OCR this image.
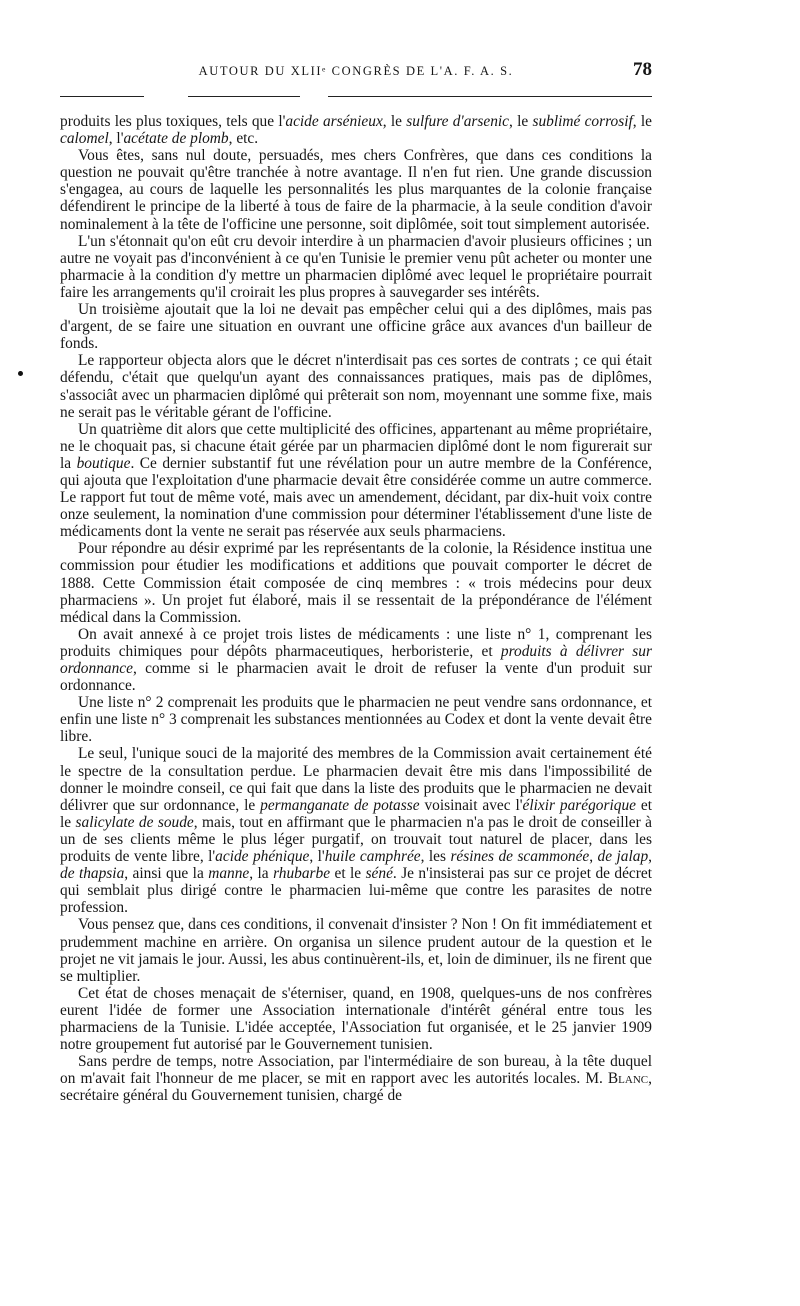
AUTOUR DU XLIIᵉ CONGRÈS DE L'A. F. A. S.	78

produits les plus toxiques, tels que l'acide arsénieux, le sulfure d'arsenic, le sublimé corrosif, le calomel, l'acétate de plomb, etc.

Vous êtes, sans nul doute, persuadés, mes chers Confrères, que dans ces conditions la question ne pouvait qu'être tranchée à notre avantage. Il n'en fut rien. Une grande discussion s'engagea, au cours de laquelle les personnalités les plus marquantes de la colonie française défendirent le principe de la liberté à tous de faire de la pharmacie, à la seule condition d'avoir nominalement à la tête de l'officine une personne, soit diplômée, soit tout simplement autorisée.

L'un s'étonnait qu'on eût cru devoir interdire à un pharmacien d'avoir plusieurs officines ; un autre ne voyait pas d'inconvénient à ce qu'en Tunisie le premier venu pût acheter ou monter une pharmacie à la condition d'y mettre un pharmacien diplômé avec lequel le propriétaire pourrait faire les arrangements qu'il croirait les plus propres à sauvegarder ses intérêts.

Un troisième ajoutait que la loi ne devait pas empêcher celui qui a des diplômes, mais pas d'argent, de se faire une situation en ouvrant une officine grâce aux avances d'un bailleur de fonds.

Le rapporteur objecta alors que le décret n'interdisait pas ces sortes de contrats ; ce qui était défendu, c'était que quelqu'un ayant des connaissances pratiques, mais pas de diplômes, s'associât avec un pharmacien diplômé qui prêterait son nom, moyennant une somme fixe, mais ne serait pas le véritable gérant de l'officine.

Un quatrième dit alors que cette multiplicité des officines, appartenant au même propriétaire, ne le choquait pas, si chacune était gérée par un pharmacien diplômé dont le nom figurerait sur la boutique. Ce dernier substantif fut une révélation pour un autre membre de la Conférence, qui ajouta que l'exploitation d'une pharmacie devait être considérée comme un autre commerce. Le rapport fut tout de même voté, mais avec un amendement, décidant, par dix-huit voix contre onze seulement, la nomination d'une commission pour déterminer l'établissement d'une liste de médicaments dont la vente ne serait pas réservée aux seuls pharmaciens.

Pour répondre au désir exprimé par les représentants de la colonie, la Résidence institua une commission pour étudier les modifications et additions que pouvait comporter le décret de 1888. Cette Commission était composée de cinq membres : « trois médecins pour deux pharmaciens ». Un projet fut élaboré, mais il se ressentait de la prépondérance de l'élément médical dans la Commission.

On avait annexé à ce projet trois listes de médicaments : une liste n° 1, comprenant les produits chimiques pour dépôts pharmaceutiques, herboristerie, et produits à délivrer sur ordonnance, comme si le pharmacien avait le droit de refuser la vente d'un produit sur ordonnance.

Une liste n° 2 comprenait les produits que le pharmacien ne peut vendre sans ordonnance, et enfin une liste n° 3 comprenait les substances mentionnées au Codex et dont la vente devait être libre.

Le seul, l'unique souci de la majorité des membres de la Commission avait certainement été le spectre de la consultation perdue. Le pharmacien devait être mis dans l'impossibilité de donner le moindre conseil, ce qui fait que dans la liste des produits que le pharmacien ne devait délivrer que sur ordonnance, le permanganate de potasse voisinait avec l'élixir parégorique et le salicylate de soude, mais, tout en affirmant que le pharmacien n'a pas le droit de conseiller à un de ses clients même le plus léger purgatif, on trouvait tout naturel de placer, dans les produits de vente libre, l'acide phénique, l'huile camphrée, les résines de scammonée, de jalap, de thapsia, ainsi que la manne, la rhubarbe et le séné. Je n'insisterai pas sur ce projet de décret qui semblait plus dirigé contre le pharmacien lui-même que contre les parasites de notre profession.

Vous pensez que, dans ces conditions, il convenait d'insister ? Non ! On fit immédiatement et prudemment machine en arrière. On organisa un silence prudent autour de la question et le projet ne vit jamais le jour. Aussi, les abus continuèrent-ils, et, loin de diminuer, ils ne firent que se multiplier.

Cet état de choses menaçait de s'éterniser, quand, en 1908, quelques-uns de nos confrères eurent l'idée de former une Association internationale d'intérêt général entre tous les pharmaciens de la Tunisie. L'idée acceptée, l'Association fut organisée, et le 25 janvier 1909 notre groupement fut autorisé par le Gouvernement tunisien.

Sans perdre de temps, notre Association, par l'intermédiaire de son bureau, à la tête duquel on m'avait fait l'honneur de me placer, se mit en rapport avec les autorités locales. M. Blanc, secrétaire général du Gouvernement tunisien, chargé de
